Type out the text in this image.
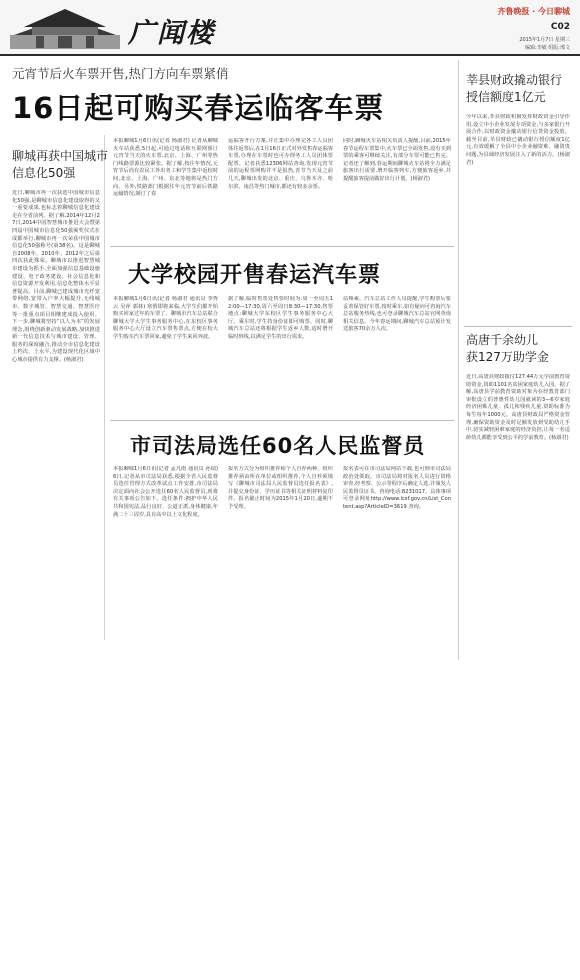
广闻楼
齐鲁晚报 · 今日聊城
C02
2015年1月7日 星期三
编辑:李敏 组版:邢文
元宵节后火车票开售,热门方向车票紧俏
16日起可购买春运临客车票
聊城再获中国城市
信息化50强
近日,聊城市再一次获选中国城市信息化50强,是聊城市信息化建设取得的又一重要成果,也标志着聊城信息化建设走在全省前列。据了解,2014年12月27日,2014中国智慧城市推进大会暨第四届中国城市信息化50强颁奖仪式在成都举行,聊城市再一次荣获中国城市信息化50强称号(第38名)。这是聊城自2008年、2010年、2012年之后第四次获此殊荣。聊城市以推进智慧城市建设为抓手,全面加强信息基础设施建设、电子政务建设、社会信息化和信息资源开发利用,信息化整体水平显著提高。目前,聊城已建成城市光纤宽带网络,宽带入户率大幅提升,无线城市、数字城管、智慧交通、智慧医疗等一批重点项目相继建成投入使用。下一步,聊城将坚持“以人为本”的发展理念,围绕创新驱动发展战略,加快推进新一代信息技术与城市建设、管理、服务的深度融合,推动全市信息化建设上档次、上水平,为建设现代化区域中心城市提供有力支撑。(杨淑君)
本报聊城1月6日讯(记者 杨淑君) 记者从聊城火车站获悉,5日起,可通过电话和互联网预订元宵节当天的火车票,北京、上海、广州等热门线路票源比较紧张。据了解,按往年情况,元宵节后尚有农民工外出务工和学生集中返校时间,北京、上海、广州、东北等地将是热门方向。另外,铁路部门根据往年元宵节前后铁路运输情况,制订了春
运临客开行方案,并正集中办理完各工人员团体往返票后,在1月16日正式对外发售春运临客车票,办理在车票时也可办理务工人员团体票配票。记者获悉12306网站查询,发现元宵节前的运程票网购并不是很热,青节当天及之前几天,聊城出发的北京、重庆、乌鲁木齐、哈尔滨、南昌等热门城市,都还有较多余票。
同时,聊城火车站相关负责人提醒,目前,2015年春节运程车票集中,火车票已全面发售,没有买到票的乘客可继续关注,有部分车票可能已售完。记者还了解到,春运期间聊城火车站将全力满足旅客出行需要,增开临客列车,方便旅客返乡,并提醒旅客提前做好出行计划。(杨淑君)
大学校园开售春运汽车票
本报聊城1月6日讯(记者 杨淑君 通讯员 李秀云 吴萍 郭林) 寒假即将来临,大学生们都开始购买回家过年的车票了。聊城市汽车总站联合聊城大学大学生事务服务中心,在东校区事务服务中心大厅设立汽车票售票点,方便在校大学生购买汽车票回家,避免了学生来回奔波。
据了解,临时售票处售票时间为:周一至周五12:00—17:30,周六至周日8:30—17:30,售票地点:聊城大学东校区学生事务服务中心大厅。乘车时,学生持身份证即可购票。同时,聊城汽车总站还将根据学生返乡人数,适时增开临时班线,以满足学生的出行需求。
站频乘。汽车总站工作人员提醒,学生购票后要妥善保管好车票,按时乘车,如有疑问可咨询汽车总站服务热线,也可登录聊城汽车总站官网查询相关信息。今年春运期间,聊城汽车总站预计发送旅客70余万人次。
市司法局选任60名人民监督员
本报聊城1月6日讯(记者 孟凡雨 通讯员 孙瑞) 6日,记者从市司法局获悉,根据全省人民监督员选任管理方式改革试点工作安排,市司法局决定面向社会公开选任60名人民监督员,现将有关事项公告如下。选任条件:拥护中华人民共和国宪法,品行良好、公道正派,身体健康,年满二十三周岁,具有高中以上文化程度。
报名方式分为组织推荐和个人自荐两种。组织推荐须由所在单位或组织推荐,个人自荐须填写《聊城市司法局人民监督员选任报名表》,并提交身份证、学历证书等相关证明材料复印件。报名截止时间为2015年1月20日,逾期不予受理。
报名表可在市司法局网站下载,也可到市司法局政治处领取。市司法局将对报名人员进行资格审查,经考察、公示等程序后确定人选,并颁发人民监督员证书。咨询电话:8231017。具体事项可登录网址http://www.lcsf.gov.cn/List_Content.asp?ArticleID=3619 查询。
莘县财政撬动银行
授信额度1亿元
今年以来,莘县财政积极发挥财政资金引导作用,设立中小企业发展专项资金,与多家银行开展合作,以财政资金撬动银行信贷资金投放。截至目前,莘县财政已撬动银行授信额度1亿元,有效缓解了全县中小企业融资难、融资贵问题,为县域经济发展注入了新的活力。(杨淑君)
高唐千余幼儿
获127万助学金
近日,高唐县财政拨付127.44万元学前教育资助资金,资助1101名贫困家庭幼儿入园。据了解,高唐县学前教育资助对象为在经教育部门审批设立的普惠性幼儿园就读的3—6岁家庭经济困难儿童、孤儿和残疾儿童,资助标准为每生每年1000元。高唐县财政局严格资金管理,确保资助资金及时足额发放到受助幼儿手中,切实减轻困难家庭的经济负担,让每一名适龄幼儿都能享受到公平的学前教育。(杨淑君)
